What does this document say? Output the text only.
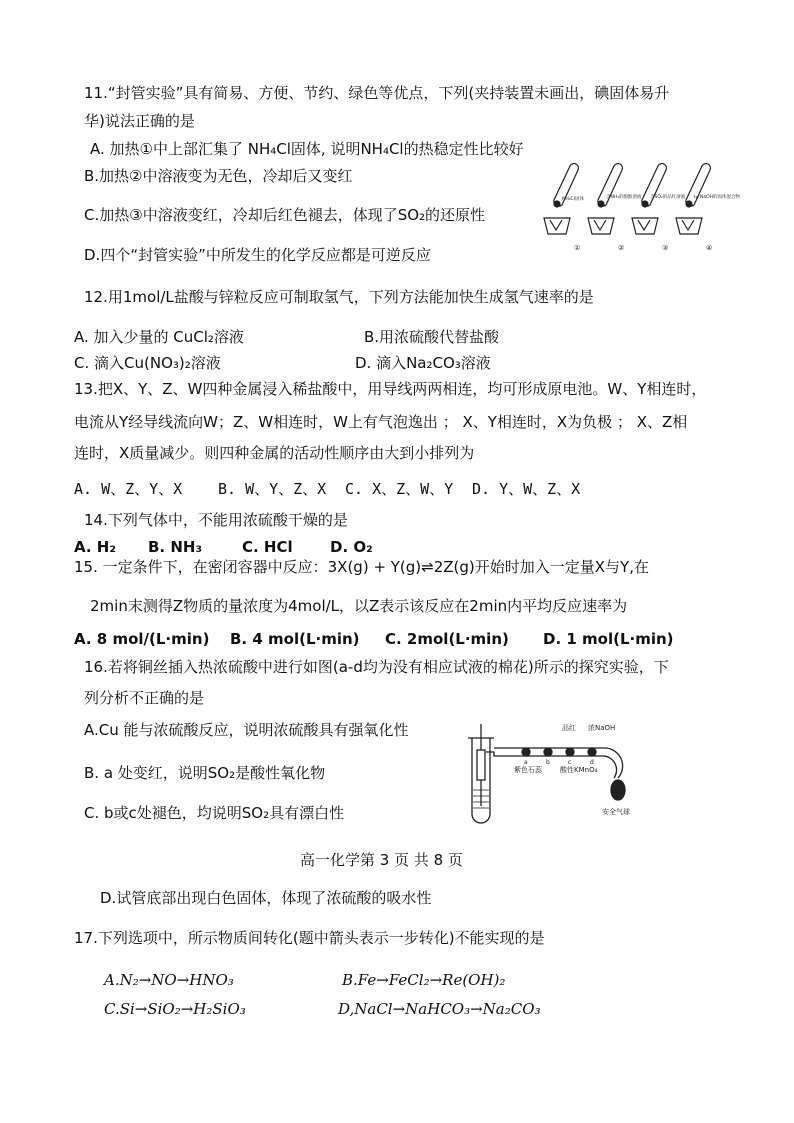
11.“封管实验”具有简易、方便、节约、绿色等优点，下列(夹持装置未画出，碘固体易升
华)说法正确的是
A. 加热①中上部汇集了 NH₄Cl固体, 说明NH₄Cl的热稳定性比较好
B.加热②中溶液变为无色，冷却后又变红
C.加热③中溶液变红，冷却后红色褪去，体现了SO₂的还原性
D.四个“封管实验”中所发生的化学反应都是可逆反应
NH₄Cl固体	含NH₃的酚酞溶液 含SO₂的品红溶液 I₂, NaOH的固体混合物
①	②	③	④
12.用1mol/L盐酸与锌粒反应可制取氢气，下列方法能加快生成氢气速率的是
A. 加入少量的 CuCl₂溶液	B.用浓硫酸代替盐酸
C. 滴入Cu(NO₃)₂溶液	D. 滴入Na₂CO₃溶液
13.把X、Y、Z、W四种金属浸入稀盐酸中，用导线两两相连，均可形成原电池。W、Y相连时，
电流从Y经导线流向W；Z、W相连时，W上有气泡逸出 ； X、Y相连时，X为负极 ； X、Z相
连时，X质量减少。则四种金属的活动性顺序由大到小排列为
A. W、Z、Y、X B. W、Y、Z、X C. X、Z、W、Y D. Y、W、Z、X
14.下列气体中，不能用浓硫酸干燥的是
A. H₂ B. NH₃	C. HCl D. O₂
15. 一定条件下，在密闭容器中反应：3X(g) + Y(g)⇌2Z(g)开始时加入一定量X与Y,在
2min末测得Z物质的量浓度为4mol/L，以Z表示该反应在2min内平均反应速率为
A. 8 mol/(L·min) B. 4 mol(L·min) C. 2mol(L·min) D. 1 mol(L·min)
16.若将铜丝插入热浓硫酸中进行如图(a-d均为没有相应试液的棉花)所示的探究实验，下
列分析不正确的是
A.Cu 能与浓硫酸反应，说明浓硫酸具有强氧化性
B. a 处变红，说明SO₂是酸性氧化物
C. b或c处褪色，均说明SO₂具有漂白性
品红 浓NaOH
紫色石蕊	酸性KMnO₄
安全气球
a	b	c	d
高一化学第 3 页 共 8 页
D.试管底部出现白色固体，体现了浓硫酸的吸水性
17.下列选项中，所示物质间转化(题中箭头表示一步转化)不能实现的是
A.N₂→NO→HNO₃	B.Fe→FeCl₂→Re(OH)₂
C.Si→SiO₂→H₂SiO₃	D,NaCl→NaHCO₃→Na₂CO₃
